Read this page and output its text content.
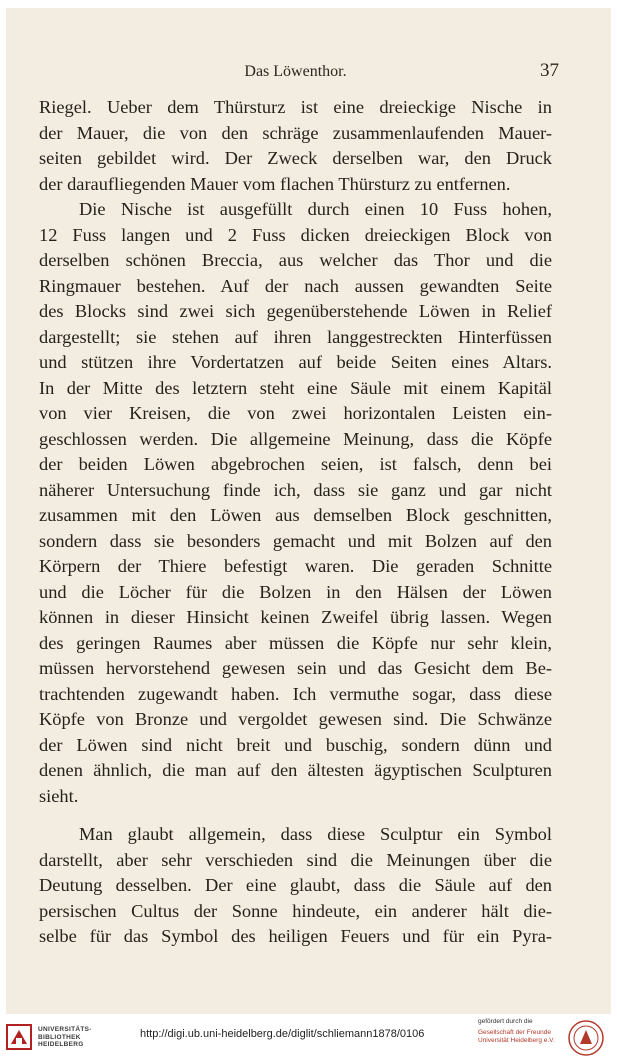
Das Löwenthor.	37
Riegel. Ueber dem Thürsturz ist eine dreieckige Nische in
der Mauer, die von den schräge zusammenlaufenden Mauer-
seiten gebildet wird. Der Zweck derselben war, den Druck
der daraufliegenden Mauer vom flachen Thürsturz zu entfernen.
Die Nische ist ausgefüllt durch einen 10 Fuss hohen,
12 Fuss langen und 2 Fuss dicken dreieckigen Block von
derselben schönen Breccia, aus welcher das Thor und die
Ringmauer bestehen. Auf der nach aussen gewandten Seite
des Blocks sind zwei sich gegenüberstehende Löwen in Relief
dargestellt; sie stehen auf ihren langgestreckten Hinterfüssen
und stützen ihre Vordertatzen auf beide Seiten eines Altars.
In der Mitte des letztern steht eine Säule mit einem Kapitäl
von vier Kreisen, die von zwei horizontalen Leisten ein-
geschlossen werden. Die allgemeine Meinung, dass die Köpfe
der beiden Löwen abgebrochen seien, ist falsch, denn bei
näherer Untersuchung finde ich, dass sie ganz und gar nicht
zusammen mit den Löwen aus demselben Block geschnitten,
sondern dass sie besonders gemacht und mit Bolzen auf den
Körpern der Thiere befestigt waren. Die geraden Schnitte
und die Löcher für die Bolzen in den Hälsen der Löwen
können in dieser Hinsicht keinen Zweifel übrig lassen. Wegen
des geringen Raumes aber müssen die Köpfe nur sehr klein,
müssen hervorstehend gewesen sein und das Gesicht dem Be-
trachtenden zugewandt haben. Ich vermuthe sogar, dass diese
Köpfe von Bronze und vergoldet gewesen sind. Die Schwänze
der Löwen sind nicht breit und buschig, sondern dünn und
denen ähnlich, die man auf den ältesten ägyptischen Sculpturen
sieht.
Man glaubt allgemein, dass diese Sculptur ein Symbol
darstellt, aber sehr verschieden sind die Meinungen über die
Deutung desselben. Der eine glaubt, dass die Säule auf den
persischen Cultus der Sonne hindeute, ein anderer hält die-
selbe für das Symbol des heiligen Feuers und für ein Pyra-
UNIVERSITÄTS-
BIBLIOTHEK
HEIDELBERG
http://digi.ub.uni-heidelberg.de/diglit/schliemann1878/0106
gefördert durch die
Gesellschaft der Freunde
Universität Heidelberg e.V.
